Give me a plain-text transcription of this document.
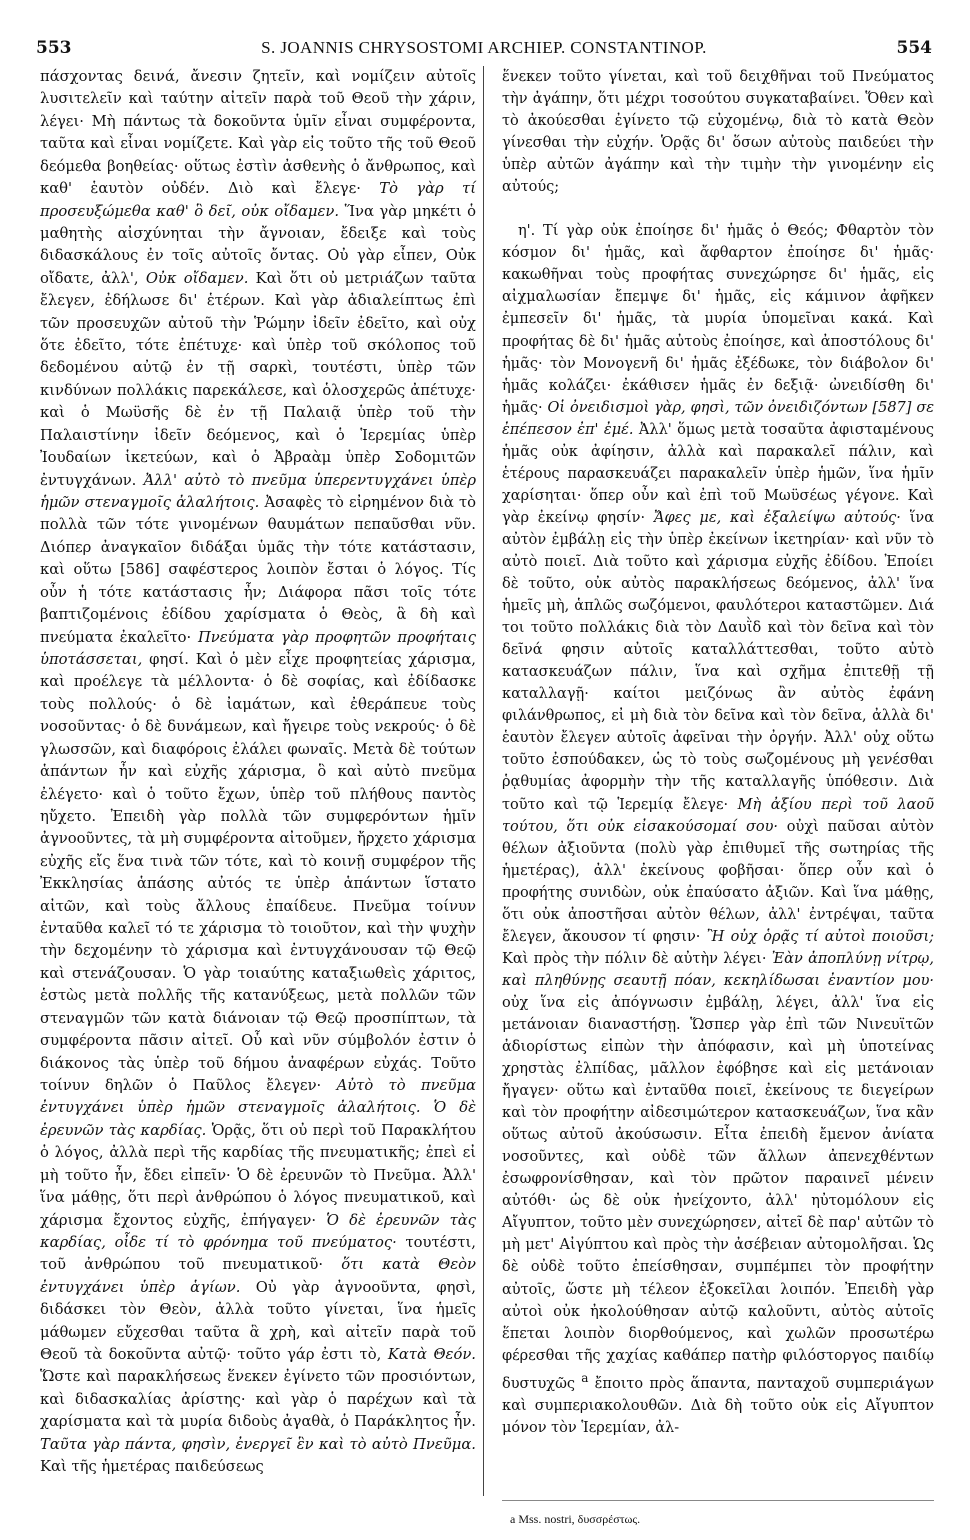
553	S. JOANNIS CHRYSOSTOMI ARCHIEP. CONSTANTINOP.	554

πάσχοντας δεινά, ἄνεσιν ζητεῖν, καὶ νομίζειν αὐτοῖς λυσιτελεῖν καὶ ταύτην αἰτεῖν παρὰ τοῦ Θεοῦ τὴν χάριν, λέγει· Μὴ πάντως τὰ δοκοῦντα ὑμῖν εἶναι συμφέροντα, ταῦτα καὶ εἶναι νομίζετε. Καὶ γὰρ εἰς τοῦτο τῆς τοῦ Θεοῦ δεόμεθα βοηθείας· οὕτως ἐστὶν ἀσθενὴς ὁ ἄνθρωπος, καὶ καθ' ἑαυτὸν οὐδέν. Διὸ καὶ ἔλεγε· Τὸ γὰρ τί προσευξώμεθα καθ' ὃ δεῖ, οὐκ οἴδαμεν. Ἵνα γὰρ μηκέτι ὁ μαθητὴς αἰσχύνηται τὴν ἄγνοιαν, ἔδειξε καὶ τοὺς διδασκάλους ἐν τοῖς αὐτοῖς ὄντας. Οὐ γὰρ εἶπεν, Οὐκ οἴδατε, ἀλλ', Οὐκ οἴδαμεν. Καὶ ὅτι οὐ μετριάζων ταῦτα ἔλεγεν, ἐδήλωσε δι' ἑτέρων. Καὶ γὰρ ἀδιαλείπτως ἐπὶ τῶν προσευχῶν αὐτοῦ τὴν Ῥώμην ἰδεῖν ἐδεῖτο, καὶ οὐχ ὅτε ἐδεῖτο, τότε ἐπέτυχε· καὶ ὑπὲρ τοῦ σκόλοπος τοῦ δεδομένου αὐτῷ ἐν τῇ σαρκὶ, τουτέστι, ὑπὲρ τῶν κινδύνων πολλάκις παρεκάλεσε, καὶ ὁλοσχερῶς ἀπέτυχε· καὶ ὁ Μωϋσῆς δὲ ἐν τῇ Παλαιᾷ ὑπὲρ τοῦ τὴν Παλαιστίνην ἰδεῖν δεόμενος, καὶ ὁ Ἱερεμίας ὑπὲρ Ἰουδαίων ἱκετεύων, καὶ ὁ Ἀβραὰμ ὑπὲρ Σοδομιτῶν ἐντυγχάνων. Ἀλλ' αὐτὸ τὸ πνεῦμα ὑπερεντυγχάνει ὑπὲρ ἡμῶν στεναγμοῖς ἀλαλήτοις. Ἀσαφὲς τὸ εἰρημένον διὰ τὸ πολλὰ τῶν τότε γινομένων θαυμάτων πεπαῦσθαι νῦν. Διόπερ ἀναγκαῖον διδάξαι ὑμᾶς τὴν τότε κατάστασιν, καὶ οὕτω [586] σαφέστερος λοιπὸν ἔσται ὁ λόγος. Τίς οὖν ἡ τότε κατάστασις ἦν; Διάφορα πᾶσι τοῖς τότε βαπτιζομένοις ἐδίδου χαρίσματα ὁ Θεὸς, ἃ δὴ καὶ πνεύματα ἐκαλεῖτο· Πνεύματα γὰρ προφητῶν προφήταις ὑποτάσσεται, φησί. Καὶ ὁ μὲν εἶχε προφητείας χάρισμα, καὶ προέλεγε τὰ μέλλοντα· ὁ δὲ σοφίας, καὶ ἐδίδασκε τοὺς πολλούς· ὁ δὲ ἰαμάτων, καὶ ἐθεράπευε τοὺς νοσοῦντας· ὁ δὲ δυνάμεων, καὶ ἤγειρε τοὺς νεκρούς· ὁ δὲ γλωσσῶν, καὶ διαφόροις ἐλάλει φωναῖς. Μετὰ δὲ τούτων ἁπάντων ἦν καὶ εὐχῆς χάρισμα, ὃ καὶ αὐτὸ πνεῦμα ἐλέγετο· καὶ ὁ τοῦτο ἔχων, ὑπὲρ τοῦ πλήθους παντὸς ηὔχετο. Ἐπειδὴ γὰρ πολλὰ τῶν συμφερόντων ἡμῖν ἀγνοοῦντες, τὰ μὴ συμφέροντα αἰτοῦμεν, ἤρχετο χάρισμα εὐχῆς εἴς ἕνα τινὰ τῶν τότε, καὶ τὸ κοινῇ συμφέρον τῆς Ἐκκλησίας ἁπάσης αὐτός τε ὑπὲρ ἁπάντων ἵστατο αἰτῶν, καὶ τοὺς ἄλλους ἐπαίδευε. Πνεῦμα τοίνυν ἐνταῦθα καλεῖ τό τε χάρισμα τὸ τοιοῦτον, καὶ τὴν ψυχὴν τὴν δεχομένην τὸ χάρισμα καὶ ἐντυγχάνουσαν τῷ Θεῷ καὶ στενάζουσαν. Ὁ γὰρ τοιαύτης καταξιωθεὶς χάριτος, ἑστὼς μετὰ πολλῆς τῆς κατανύξεως, μετὰ πολλῶν τῶν στεναγμῶν τῶν κατὰ διάνοιαν τῷ Θεῷ προσπίπτων, τὰ συμφέροντα πᾶσιν αἰτεῖ. Οὗ καὶ νῦν σύμβολόν ἐστιν ὁ διάκονος τὰς ὑπὲρ τοῦ δήμου ἀναφέρων εὐχάς. Τοῦτο τοίνυν δηλῶν ὁ Παῦλος ἔλεγεν· Αὐτὸ τὸ πνεῦμα ἐντυγχάνει ὑπὲρ ἡμῶν στεναγμοῖς ἀλαλήτοις. Ὁ δὲ ἐρευνῶν τὰς καρδίας. Ὁρᾷς, ὅτι οὐ περὶ τοῦ Παρακλήτου ὁ λόγος, ἀλλὰ περὶ τῆς καρδίας τῆς πνευματικῆς; ἐπεὶ εἰ μὴ τοῦτο ἦν, ἔδει εἰπεῖν· Ὁ δὲ ἐρευνῶν τὸ Πνεῦμα. Ἀλλ' ἵνα μάθῃς, ὅτι περὶ ἀνθρώπου ὁ λόγος πνευματικοῦ, καὶ χάρισμα ἔχοντος εὐχῆς, ἐπήγαγεν· Ὁ δὲ ἐρευνῶν τὰς καρδίας, οἶδε τί τὸ φρόνημα τοῦ πνεύματος· τουτέστι, τοῦ ἀνθρώπου τοῦ πνευματικοῦ· ὅτι κατὰ Θεὸν ἐντυγχάνει ὑπὲρ ἁγίων. Οὐ γὰρ ἀγνοοῦντα, φησὶ, διδάσκει τὸν Θεὸν, ἀλλὰ τοῦτο γίνεται, ἵνα ἡμεῖς μάθωμεν εὔχεσθαι ταῦτα ἃ χρὴ, καὶ αἰτεῖν παρὰ τοῦ Θεοῦ τὰ δοκοῦντα αὐτῷ· τοῦτο γάρ ἐστι τὸ, Κατὰ Θεόν. Ὥστε καὶ παρακλήσεως ἕνεκεν ἐγίνετο τῶν προσιόντων, καὶ διδασκαλίας ἀρίστης· καὶ γὰρ ὁ παρέχων καὶ τὰ χαρίσματα καὶ τὰ μυρία διδοὺς ἀγαθὰ, ὁ Παράκλητος ἦν. Ταῦτα γὰρ πάντα, φησὶν, ἐνεργεῖ ἓν καὶ τὸ αὐτὸ Πνεῦμα. Καὶ τῆς ἡμετέρας παιδεύσεως

ἕνεκεν τοῦτο γίνεται, καὶ τοῦ δειχθῆναι τοῦ Πνεύματος τὴν ἀγάπην, ὅτι μέχρι τοσούτου συγκαταβαίνει. Ὅθεν καὶ τὸ ἀκούεσθαι ἐγίνετο τῷ εὐχομένῳ, διὰ τὸ κατὰ Θεὸν γίνεσθαι τὴν εὐχήν. Ὁρᾷς δι' ὅσων αὐτοὺς παιδεύει τὴν ὑπὲρ αὐτῶν ἀγάπην καὶ τὴν τιμὴν τὴν γινομένην εἰς αὐτούς;

η'. Τί γὰρ οὐκ ἐποίησε δι' ἡμᾶς ὁ Θεός; Φθαρτὸν τὸν κόσμον δι' ἡμᾶς, καὶ ἄφθαρτον ἐποίησε δι' ἡμᾶς· κακωθῆναι τοὺς προφήτας συνεχώρησε δι' ἡμᾶς, εἰς αἰχμαλωσίαν ἔπεμψε δι' ἡμᾶς, εἰς κάμινον ἀφῆκεν ἐμπεσεῖν δι' ἡμᾶς, τὰ μυρία ὑπομεῖναι κακά. Καὶ προφήτας δὲ δι' ἡμᾶς αὐτοὺς ἐποίησε, καὶ ἀποστόλους δι' ἡμᾶς· τὸν Μονογενῆ δι' ἡμᾶς ἐξέδωκε, τὸν διάβολον δι' ἡμᾶς κολάζει· ἐκάθισεν ἡμᾶς ἐν δεξιᾷ· ὠνειδίσθη δι' ἡμᾶς· Οἱ ὀνειδισμοὶ γὰρ, φησὶ, τῶν ὀνειδιζόντων [587] σε ἐπέπεσον ἐπ' ἐμέ. Ἀλλ' ὅμως μετὰ τοσαῦτα ἀφισταμένους ἡμᾶς οὐκ ἀφίησιν, ἀλλὰ καὶ παρακαλεῖ πάλιν, καὶ ἑτέρους παρασκευάζει παρακαλεῖν ὑπὲρ ἡμῶν, ἵνα ἡμῖν χαρίσηται· ὅπερ οὖν καὶ ἐπὶ τοῦ Μωϋσέως γέγονε. Καὶ γὰρ ἐκείνῳ φησίν· Ἄφες με, καὶ ἐξαλείψω αὐτούς· ἵνα αὐτὸν ἐμβάλῃ εἰς τὴν ὑπὲρ ἐκείνων ἱκετηρίαν· καὶ νῦν τὸ αὐτὸ ποιεῖ. Διὰ τοῦτο καὶ χάρισμα εὐχῆς ἐδίδου. Ἐποίει δὲ τοῦτο, οὐκ αὐτὸς παρακλήσεως δεόμενος, ἀλλ' ἵνα ἡμεῖς μὴ, ἁπλῶς σωζόμενοι, φαυλότεροι καταστῶμεν. Διά τοι τοῦτο πολλάκις διὰ τὸν Δαυῒδ καὶ τὸν δεῖνα καὶ τὸν δεῖνά φησιν αὐτοῖς καταλλάττεσθαι, τοῦτο αὐτὸ κατασκευάζων πάλιν, ἵνα καὶ σχῆμα ἐπιτεθῇ τῇ καταλλαγῇ· καίτοι μειζόνως ἂν αὐτὸς ἐφάνη φιλάνθρωπος, εἰ μὴ διὰ τὸν δεῖνα καὶ τὸν δεῖνα, ἀλλὰ δι' ἑαυτὸν ἔλεγεν αὐτοῖς ἀφεῖναι τὴν ὀργήν. Ἀλλ' οὐχ οὕτω τοῦτο ἐσπούδακεν, ὡς τὸ τοὺς σωζομένους μὴ γενέσθαι ῥᾳθυμίας ἀφορμὴν τὴν τῆς καταλλαγῆς ὑπόθεσιν. Διὰ τοῦτο καὶ τῷ Ἱερεμίᾳ ἔλεγε· Μὴ ἀξίου περὶ τοῦ λαοῦ τούτου, ὅτι οὐκ εἰσακούσομαί σου· οὐχὶ παῦσαι αὐτὸν θέλων ἀξιοῦντα (πολὺ γὰρ ἐπιθυμεῖ τῆς σωτηρίας τῆς ἡμετέρας), ἀλλ' ἐκείνους φοβῆσαι· ὅπερ οὖν καὶ ὁ προφήτης συνιδὼν, οὐκ ἐπαύσατο ἀξιῶν. Καὶ ἵνα μάθῃς, ὅτι οὐκ ἀποστῆσαι αὐτὸν θέλων, ἀλλ' ἐντρέψαι, ταῦτα ἔλεγεν, ἄκουσον τί φησιν· Ἢ οὐχ ὁρᾷς τί αὐτοὶ ποιοῦσι; Καὶ πρὸς τὴν πόλιν δὲ αὐτὴν λέγει· Ἐὰν ἀποπλύνῃ νίτρῳ, καὶ πληθύνῃς σεαυτῇ πόαν, κεκηλίδωσαι ἐναντίον μου· οὐχ ἵνα εἰς ἀπόγνωσιν ἐμβάλῃ, λέγει, ἀλλ' ἵνα εἰς μετάνοιαν διαναστήσῃ. Ὥσπερ γὰρ ἐπὶ τῶν Νινευϊτῶν ἀδιορίστως εἰπὼν τὴν ἀπόφασιν, καὶ μὴ ὑποτείνας χρηστὰς ἐλπίδας, μᾶλλον ἐφόβησε καὶ εἰς μετάνοιαν ἤγαγεν· οὕτω καὶ ἐνταῦθα ποιεῖ, ἐκείνους τε διεγείρων καὶ τὸν προφήτην αἰδεσιμώτερον κατασκευάζων, ἵνα κἂν οὕτως αὐτοῦ ἀκούσωσιν. Εἶτα ἐπειδὴ ἔμενον ἀνίατα νοσοῦντες, καὶ οὐδὲ τῶν ἄλλων ἀπενεχθέντων ἐσωφρονίσθησαν, καὶ τὸν πρῶτον παραινεῖ μένειν αὐτόθι· ὡς δὲ οὐκ ἠνείχοντο, ἀλλ' ηὐτομόλουν εἰς Αἴγυπτον, τοῦτο μὲν συνεχώρησεν, αἰτεῖ δὲ παρ' αὐτῶν τὸ μὴ μετ' Αἰγύπτου καὶ πρὸς τὴν ἀσέβειαν αὐτομολῆσαι. Ὡς δὲ οὐδὲ τοῦτο ἐπείσθησαν, συμπέμπει τὸν προφήτην αὐτοῖς, ὥστε μὴ τέλεον ἐξοκεῖλαι λοιπόν. Ἐπειδὴ γὰρ αὐτοὶ οὐκ ἠκολούθησαν αὐτῷ καλοῦντι, αὐτὸς αὐτοῖς ἕπεται λοιπὸν διορθούμενος, καὶ χωλῶν προσωτέρω φέρεσθαι τῆς χαχίας καθάπερ πατὴρ φιλόστοργος παιδίῳ δυστυχῶς $^a$ ἔποιτο πρὸς ἅπαντα, πανταχοῦ συμπεριάγων καὶ συμπεριακολουθῶν. Διὰ δὴ τοῦτο οὐκ εἰς Αἴγυπτον μόνον τὸν Ἱερεμίαν, ἀλ-

a Mss. nostri, δυσσρέστως.
